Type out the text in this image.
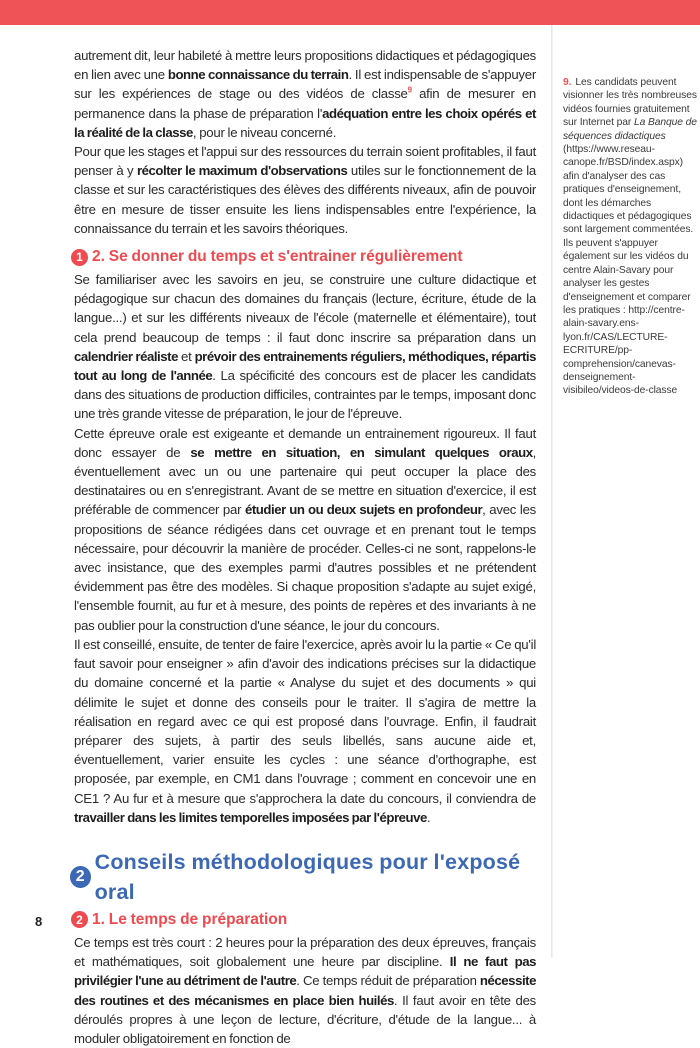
autrement dit, leur habileté à mettre leurs propositions didactiques et pédagogiques en lien avec une bonne connaissance du terrain. Il est indispensable de s'appuyer sur les expériences de stage ou des vidéos de classe$^9$ afin de mesurer en permanence dans la phase de préparation l'adéquation entre les choix opérés et la réalité de la classe, pour le niveau concerné.

Pour que les stages et l'appui sur des ressources du terrain soient profitables, il faut penser à y récolter le maximum d'observations utiles sur le fonctionnement de la classe et sur les caractéristiques des élèves des différents niveaux, afin de pouvoir être en mesure de tisser ensuite les liens indispensables entre l'expérience, la connaissance du terrain et les savoirs théoriques.

1 2. Se donner du temps et s'entrainer régulièrement

Se familiariser avec les savoirs en jeu, se construire une culture didactique et pédagogique sur chacun des domaines du français (lecture, écriture, étude de la langue...) et sur les différents niveaux de l'école (maternelle et élémentaire), tout cela prend beaucoup de temps : il faut donc inscrire sa préparation dans un calendrier réaliste et prévoir des entrainements réguliers, méthodiques, répartis tout au long de l'année. La spécificité des concours est de placer les candidats dans des situations de production difficiles, contraintes par le temps, imposant donc une très grande vitesse de préparation, le jour de l'épreuve.

Cette épreuve orale est exigeante et demande un entrainement rigoureux. Il faut donc essayer de se mettre en situation, en simulant quelques oraux, éventuellement avec un ou une partenaire qui peut occuper la place des destinataires ou en s'enregistrant. Avant de se mettre en situation d'exercice, il est préférable de commencer par étudier un ou deux sujets en profondeur, avec les propositions de séance rédigées dans cet ouvrage et en prenant tout le temps nécessaire, pour découvrir la manière de procéder. Celles-ci ne sont, rappelons-le avec insistance, que des exemples parmi d'autres possibles et ne prétendent évidemment pas être des modèles. Si chaque proposition s'adapte au sujet exigé, l'ensemble fournit, au fur et à mesure, des points de repères et des invariants à ne pas oublier pour la construction d'une séance, le jour du concours.

Il est conseillé, ensuite, de tenter de faire l'exercice, après avoir lu la partie « Ce qu'il faut savoir pour enseigner » afin d'avoir des indications précises sur la didactique du domaine concerné et la partie « Analyse du sujet et des documents » qui délimite le sujet et donne des conseils pour le traiter. Il s'agira de mettre la réalisation en regard avec ce qui est proposé dans l'ouvrage. Enfin, il faudrait préparer des sujets, à partir des seuls libellés, sans aucune aide et, éventuellement, varier ensuite les cycles : une séance d'orthographe, est proposée, par exemple, en CM1 dans l'ouvrage ; comment en concevoir une en CE1 ? Au fur et à mesure que s'approchera la date du concours, il conviendra de travailler dans les limites temporelles imposées par l'épreuve.

2
Conseils méthodologiques pour l'exposé oral
2 1. Le temps de préparation

Ce temps est très court : 2 heures pour la préparation des deux épreuves, français et mathématiques, soit globalement une heure par discipline. Il ne faut pas privilégier l'une au détriment de l'autre. Ce temps réduit de préparation nécessite des routines et des mécanismes en place bien huilés. Il faut avoir en tête des déroulés propres à une leçon de lecture, d'écriture, d'étude de la langue... à moduler obligatoirement en fonction de

9. Les candidats peuvent visionner les très nombreuses vidéos fournies gratuitement sur Internet par La Banque de séquences didactiques (https://www.reseau-canope.fr/BSD/index.aspx) afin d'analyser des cas pratiques d'enseignement, dont les démarches didactiques et pédagogiques sont largement commentées. Ils peuvent s'appuyer également sur les vidéos du centre Alain-Savary pour analyser les gestes d'enseignement et comparer les pratiques : http://centre-alain-savary.ens-lyon.fr/CAS/LECTURE-ECRITURE/pp-comprehension/canevas-denseignement-visibileo/videos-de-classe
8
